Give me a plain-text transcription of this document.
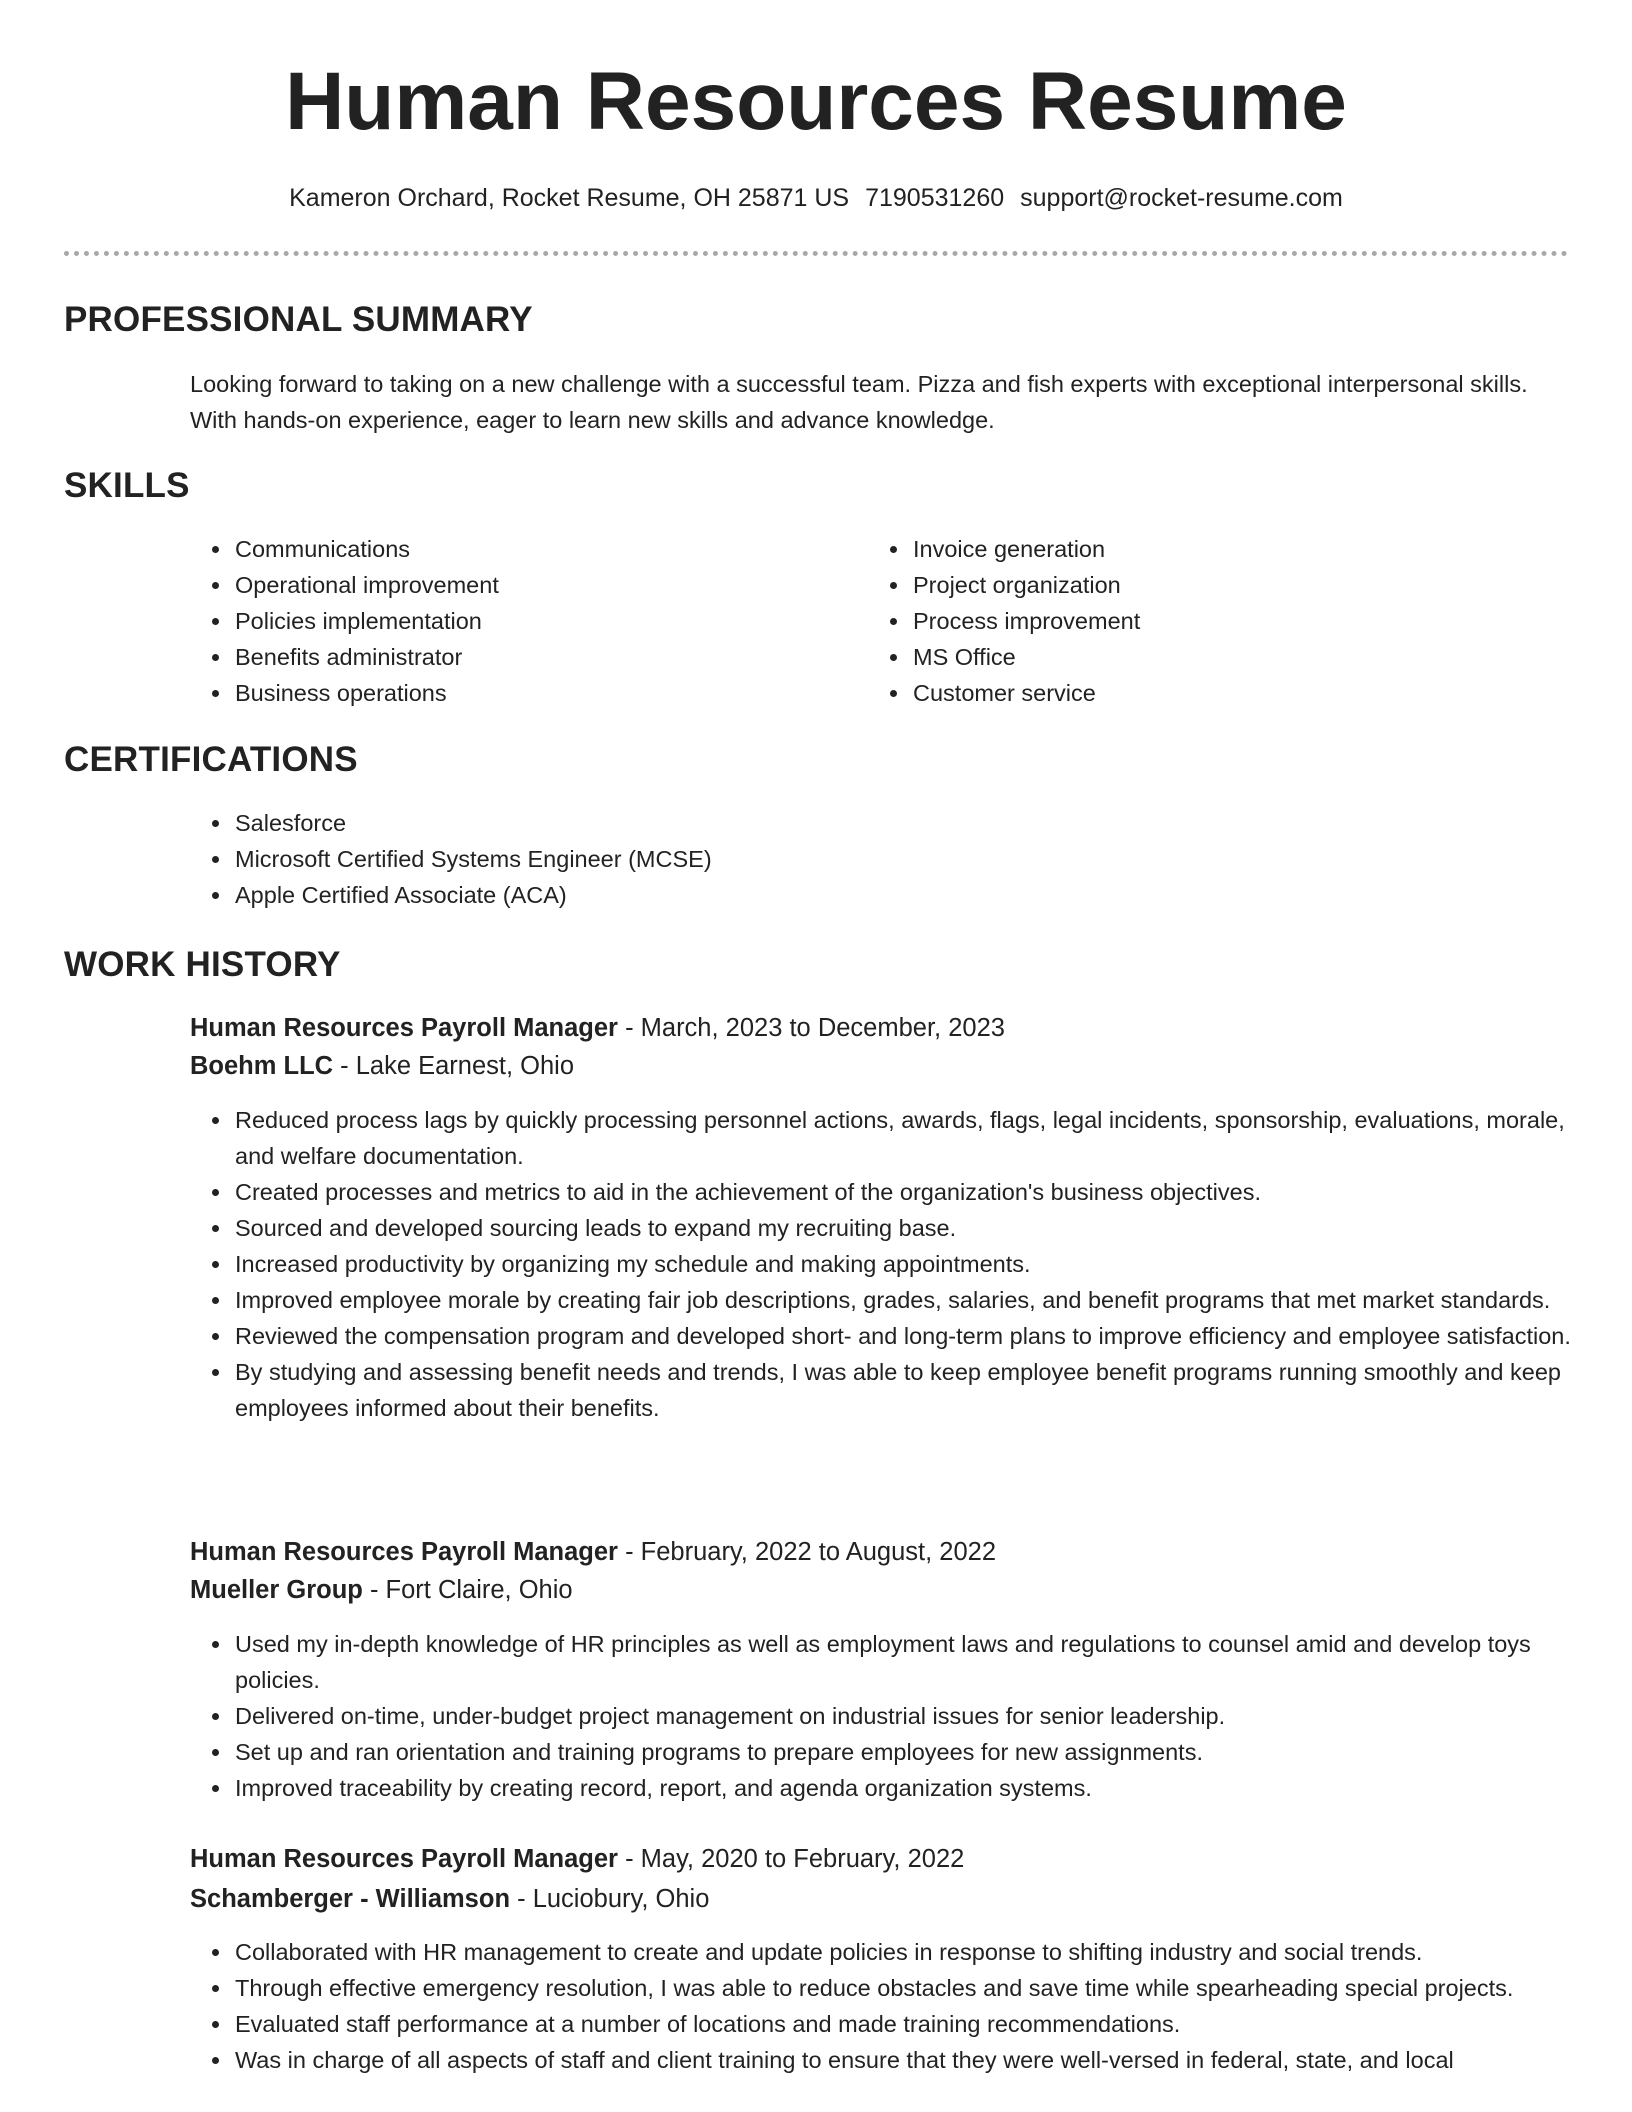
Human Resources Resume
Kameron Orchard, Rocket Resume, OH 25871 US 7190531260 support@rocket-resume.com
PROFESSIONAL SUMMARY

Looking forward to taking on a new challenge with a successful team. Pizza and fish experts with exceptional interpersonal skills. With hands-on experience, eager to learn new skills and advance knowledge.

SKILLS
• Communications
• Operational improvement
• Policies implementation
• Benefits administrator
• Business operations
• Invoice generation
• Project organization
• Process improvement
• MS Office
• Customer service
CERTIFICATIONS
• Salesforce
• Microsoft Certified Systems Engineer (MCSE)
• Apple Certified Associate (ACA)
WORK HISTORY
Human Resources Payroll Manager - March, 2023 to December, 2023
Boehm LLC - Lake Earnest, Ohio
• Reduced process lags by quickly processing personnel actions, awards, flags, legal incidents, sponsorship, evaluations, morale, and welfare documentation.
• Created processes and metrics to aid in the achievement of the organization's business objectives.
• Sourced and developed sourcing leads to expand my recruiting base.
• Increased productivity by organizing my schedule and making appointments.
• Improved employee morale by creating fair job descriptions, grades, salaries, and benefit programs that met market standards.
• Reviewed the compensation program and developed short- and long-term plans to improve efficiency and employee satisfaction.
• By studying and assessing benefit needs and trends, I was able to keep employee benefit programs running smoothly and keep employees informed about their benefits.
Human Resources Payroll Manager - February, 2022 to August, 2022
Mueller Group - Fort Claire, Ohio
• Used my in-depth knowledge of HR principles as well as employment laws and regulations to counsel amid and develop toys policies.
• Delivered on-time, under-budget project management on industrial issues for senior leadership.
• Set up and ran orientation and training programs to prepare employees for new assignments.
• Improved traceability by creating record, report, and agenda organization systems.
Human Resources Payroll Manager - May, 2020 to February, 2022
Schamberger - Williamson - Luciobury, Ohio
• Collaborated with HR management to create and update policies in response to shifting industry and social trends.
• Through effective emergency resolution, I was able to reduce obstacles and save time while spearheading special projects.
• Evaluated staff performance at a number of locations and made training recommendations.
• Was in charge of all aspects of staff and client training to ensure that they were well-versed in federal, state, and local
